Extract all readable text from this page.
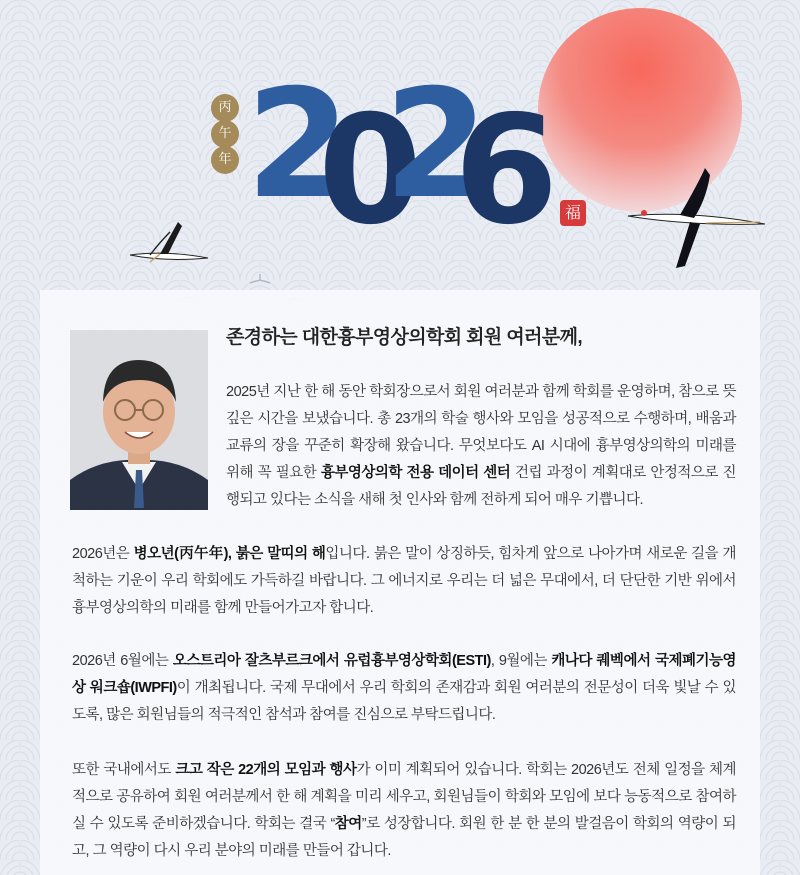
丙
午
年 2
0
2
6 福
존경하는 대한흉부영상의학회 회원 여러분께,

2025년 지난 한 해 동안 학회장으로서 회원 여러분과 함께 학회를 운영하며, 참으로 뜻 깊은 시간을 보냈습니다. 총 23개의 학술 행사와 모임을 성공적으로 수행하며, 배움과 교류의 장을 꾸준히 확장해 왔습니다. 무엇보다도 AI 시대에 흉부영상의학의 미래를 위해 꼭 필요한 흉부영상의학 전용 데이터 센터 건립 과정이 계획대로 안정적으로 진행되고 있다는 소식을 새해 첫 인사와 함께 전하게 되어 매우 기쁩니다.

2026년은 병오년(丙午年), 붉은 말띠의 해입니다. 붉은 말이 상징하듯, 힘차게 앞으로 나아가며 새로운 길을 개척하는 기운이 우리 학회에도 가득하길 바랍니다. 그 에너지로 우리는 더 넓은 무대에서, 더 단단한 기반 위에서 흉부영상의학의 미래를 함께 만들어가고자 합니다.

2026년 6월에는 오스트리아 잘츠부르크에서 유럽흉부영상학회(ESTI), 9월에는 캐나다 퀘벡에서 국제폐기능영상 워크숍(IWPFI)이 개최됩니다. 국제 무대에서 우리 학회의 존재감과 회원 여러분의 전문성이 더욱 빛날 수 있도록, 많은 회원님들의 적극적인 참석과 참여를 진심으로 부탁드립니다.

또한 국내에서도 크고 작은 22개의 모임과 행사가 이미 계획되어 있습니다. 학회는 2026년도 전체 일정을 체계적으로 공유하여 회원 여러분께서 한 해 계획을 미리 세우고, 회원님들이 학회와 모임에 보다 능동적으로 참여하실 수 있도록 준비하겠습니다. 학회는 결국 “참여”로 성장합니다. 회원 한 분 한 분의 발걸음이 학회의 역량이 되고, 그 역량이 다시 우리 분야의 미래를 만들어 갑니다.
